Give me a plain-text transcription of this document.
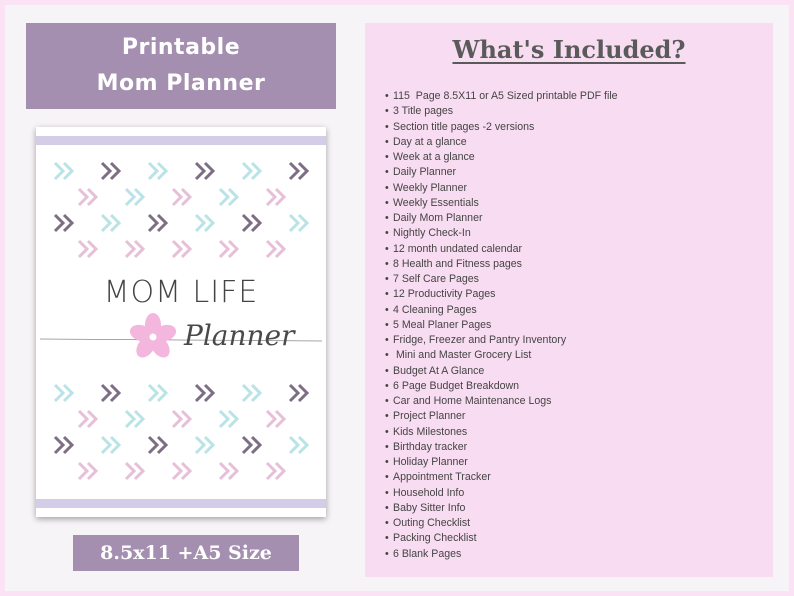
Printable
Mom Planner
MOM LIFE
Planner
8.5x11 +A5 Size
What's Included?
• 115  Page 8.5X11 or A5 Sized printable PDF file
• 3 Title pages
• Section title pages -2 versions
• Day at a glance
• Week at a glance
• Daily Planner
• Weekly Planner
• Weekly Essentials
• Daily Mom Planner
• Nightly Check-In
• 12 month undated calendar
• 8 Health and Fitness pages
• 7 Self Care Pages
• 12 Productivity Pages
• 4 Cleaning Pages
• 5 Meal Planer Pages
• Fridge, Freezer and Pantry Inventory
• Mini and Master Grocery List
• Budget At A Glance
• 6 Page Budget Breakdown
• Car and Home Maintenance Logs
• Project Planner
• Kids Milestones
• Birthday tracker
• Holiday Planner
• Appointment Tracker
• Household Info
• Baby Sitter Info
• Outing Checklist
• Packing Checklist
• 6 Blank Pages
